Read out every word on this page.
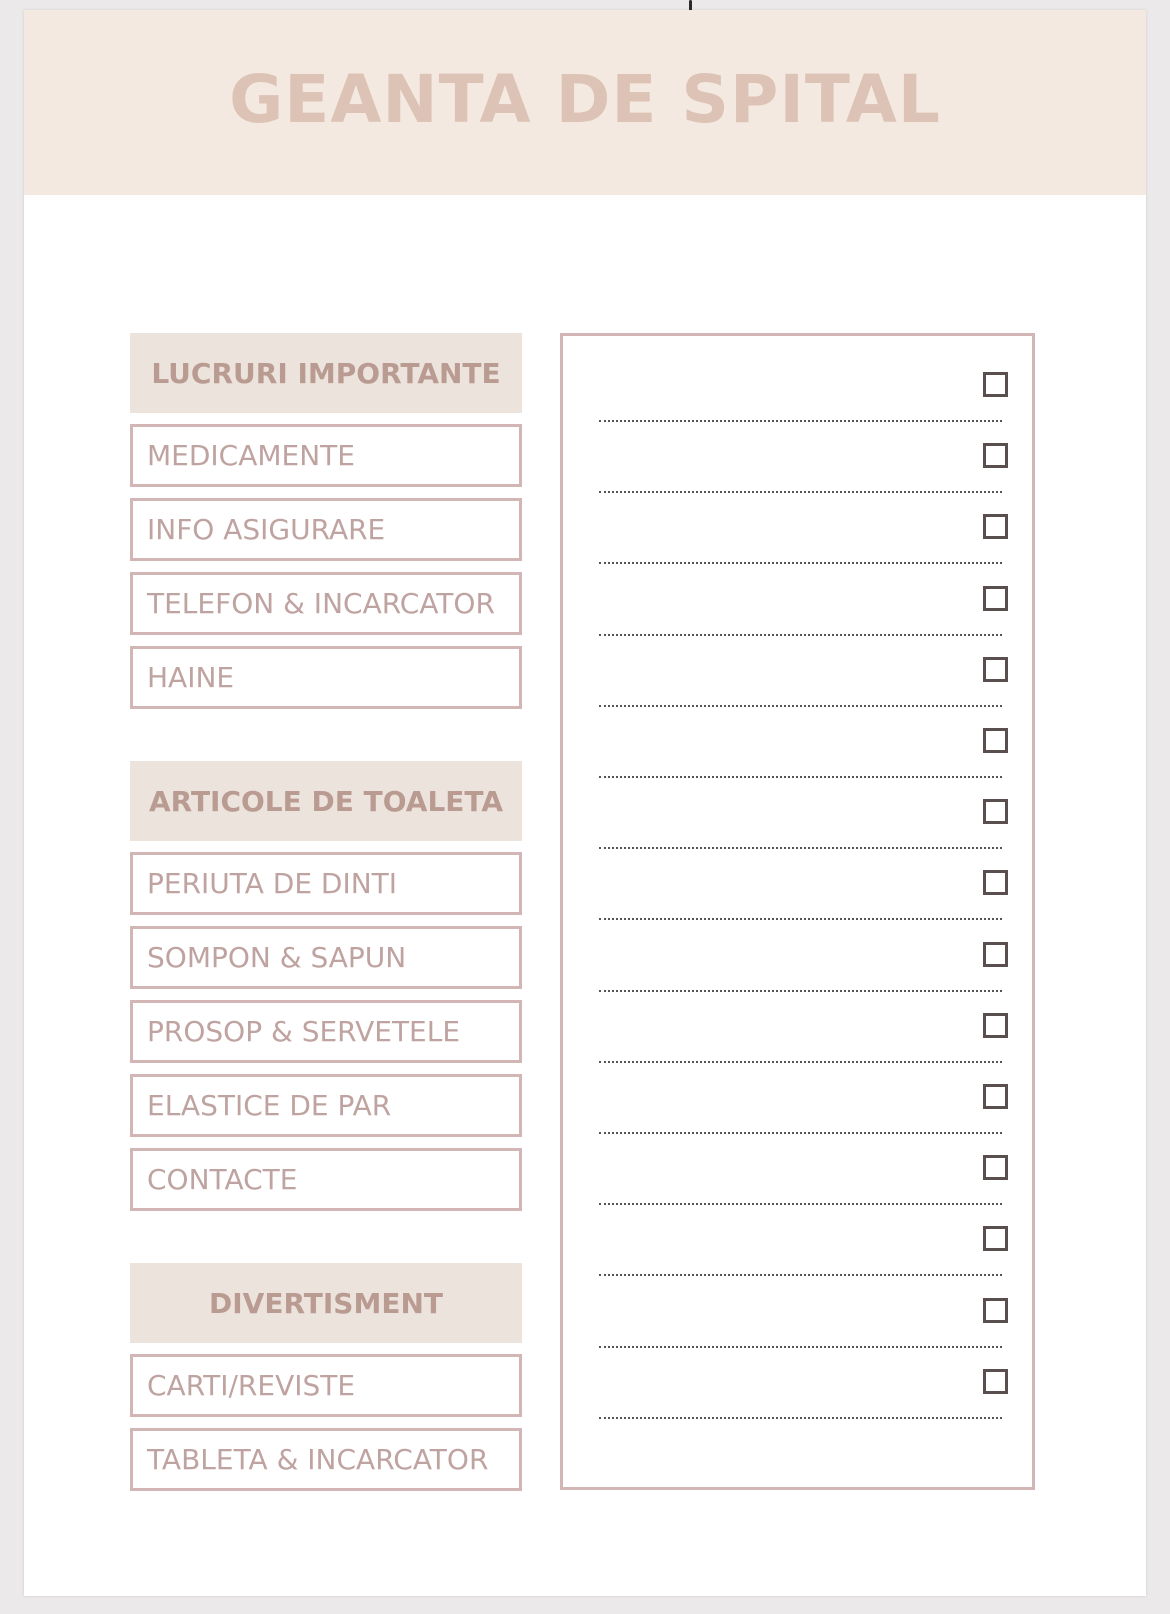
GEANTA DE SPITAL
LUCRURI IMPORTANTE
MEDICAMENTE
INFO ASIGURARE
TELEFON & INCARCATOR
HAINE
ARTICOLE DE TOALETA
PERIUTA DE DINTI
SOMPON & SAPUN
PROSOP & SERVETELE
ELASTICE DE PAR
CONTACTE
DIVERTISMENT
CARTI/REVISTE
TABLETA & INCARCATOR
